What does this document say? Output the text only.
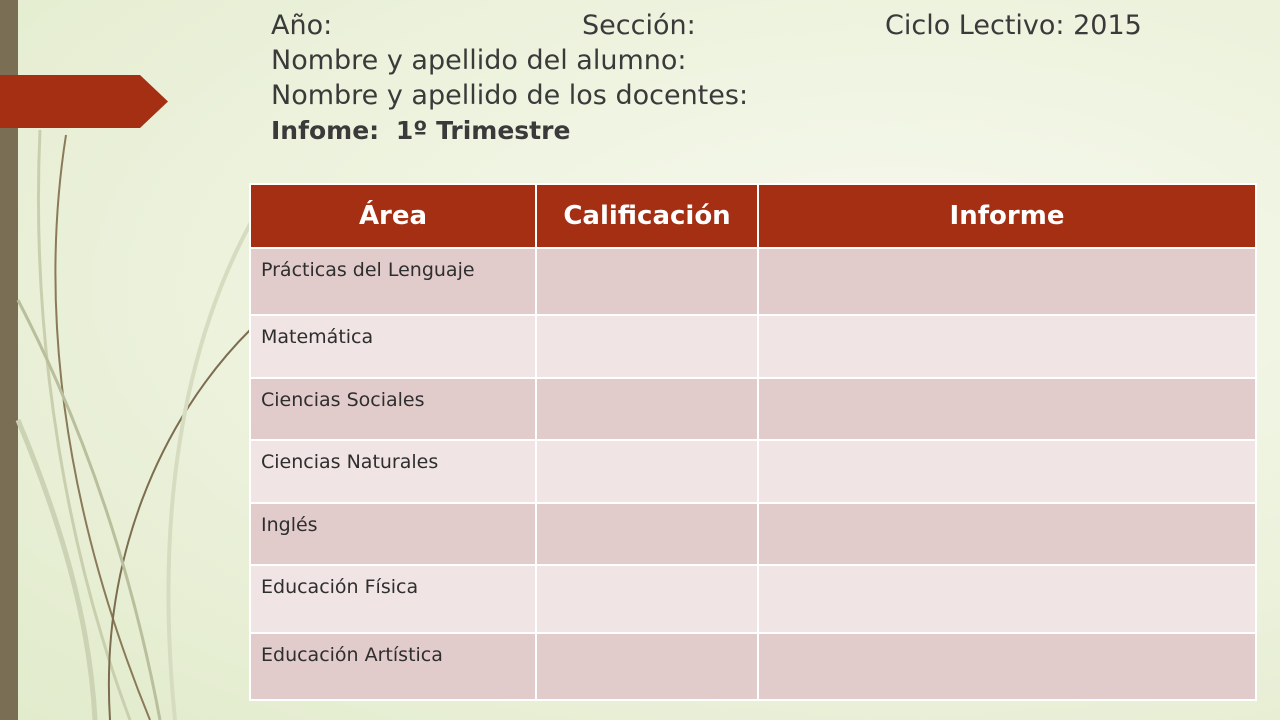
Año:	Sección:	Ciclo Lectivo: 2015
Nombre y apellido del alumno:
Nombre y apellido de los docentes:
Infome: 1º Trimestre
Área	Calificación	Informe
Prácticas del Lenguaje		
Matemática		
Ciencias Sociales		
Ciencias Naturales		
Inglés		
Educación Física		
Educación Artística		
